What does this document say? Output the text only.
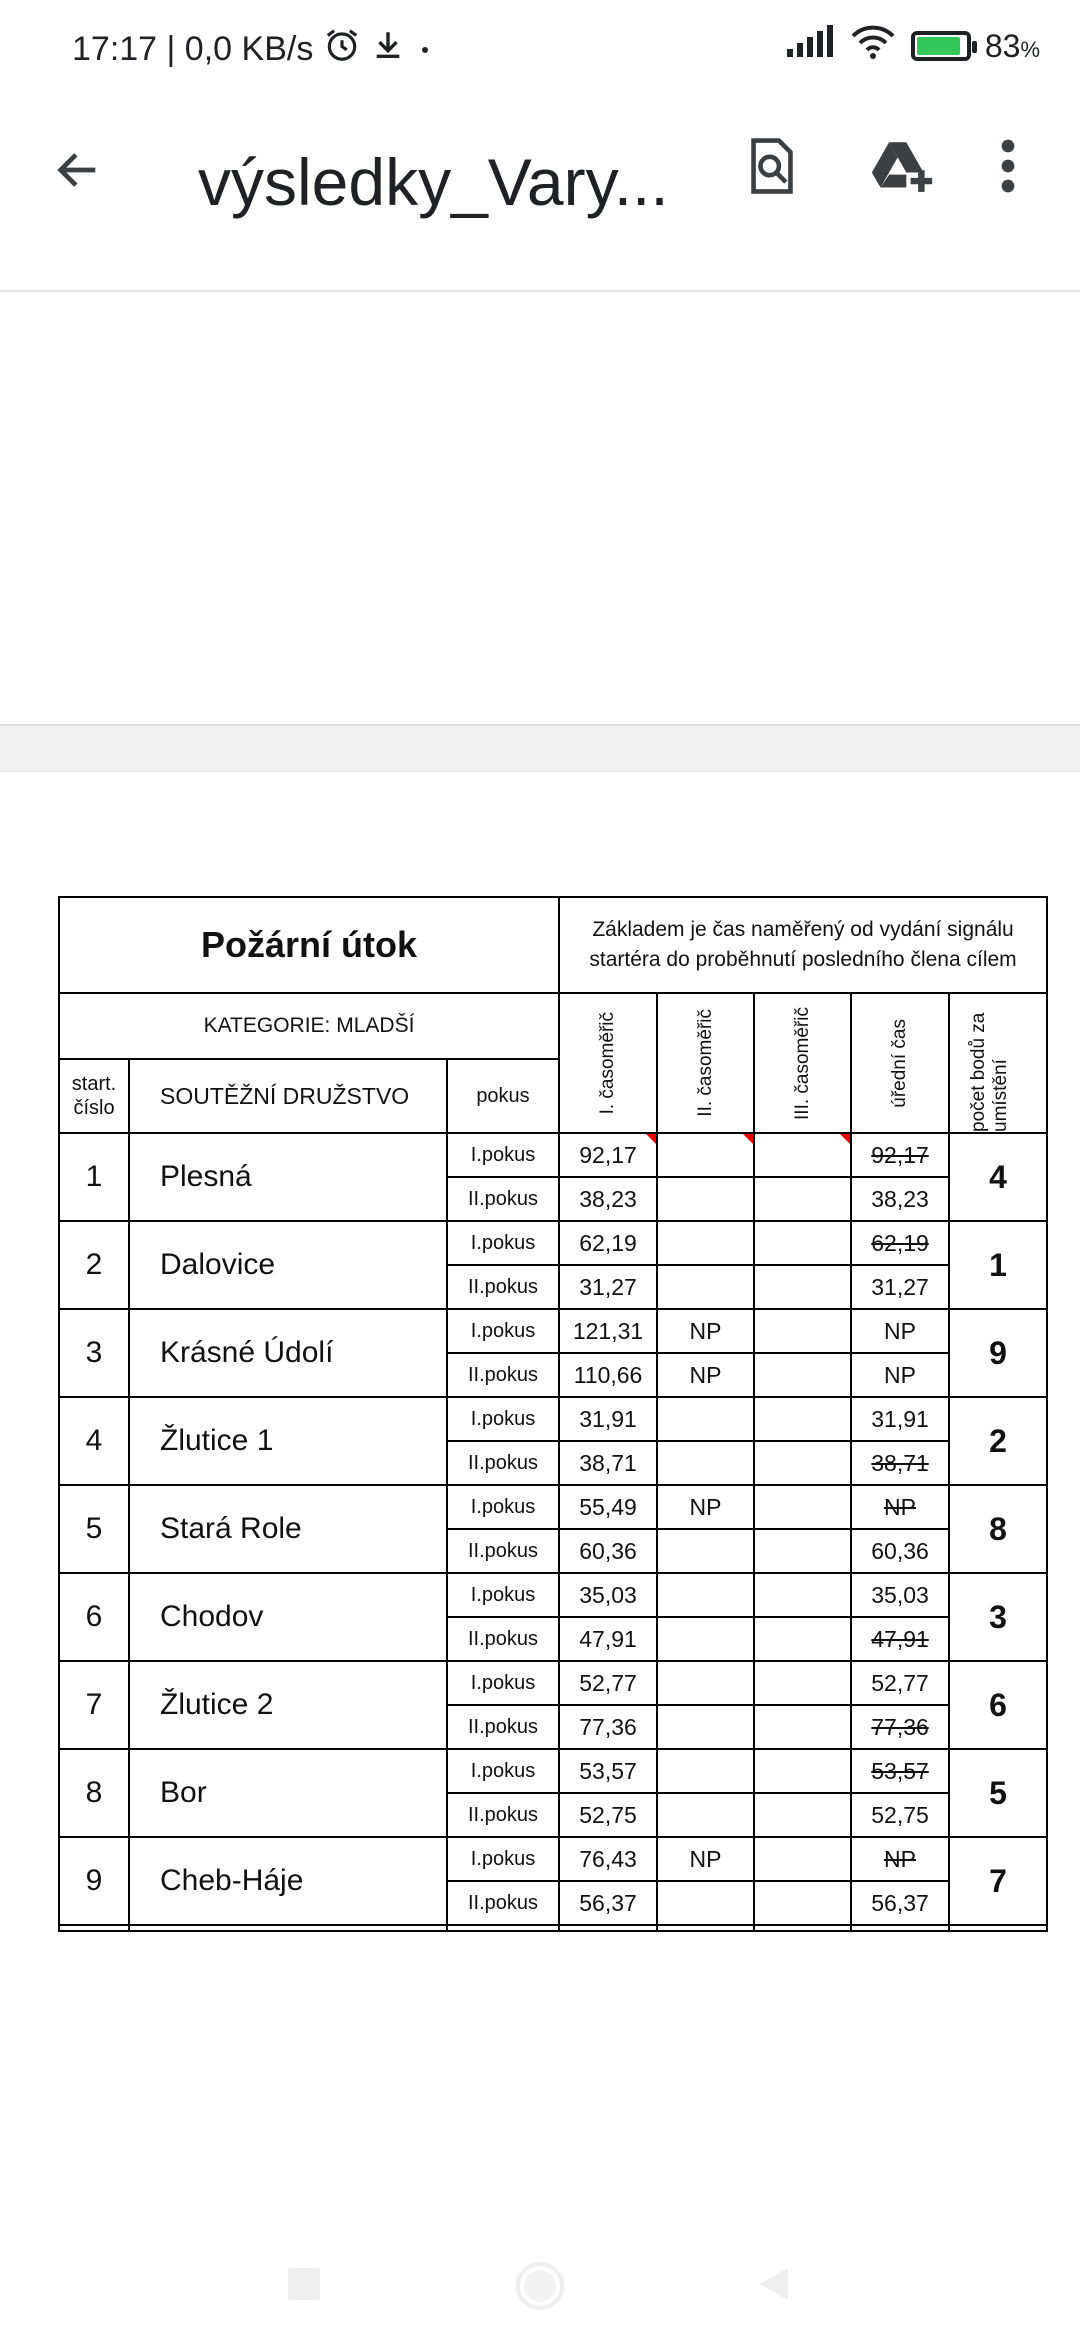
17:17 | 0,0 KB/s	83%
výsledky_Vary...
Požární útok			Základem je čas naměřený od vydání signálu startéra do proběhnutí posledního člena cílem				
KATEGORIE: MLADŠÍ			I. časoměřič	II. časoměřič	III. časoměřič	úřední čas	počet bodů za umístění

start. číslo	SOUTĚŽNÍ DRUŽSTVO	pokus					
1	Plesná	I.pokus	92,17			92,17	4
		II.pokus	38,23			38,23	
2	Dalovice	I.pokus	62,19			62,19	1
		II.pokus	31,27			31,27	
3	Krásné Údolí	I.pokus	121,31	NP		NP	9
		II.pokus	110,66	NP		NP	
4	Žlutice 1	I.pokus	31,91			31,91	2
		II.pokus	38,71			38,71	
5	Stará Role	I.pokus	55,49	NP		NP	8
		II.pokus	60,36			60,36	
6	Chodov	I.pokus	35,03			35,03	3
		II.pokus	47,91			47,91	
7	Žlutice 2	I.pokus	52,77			52,77	6
		II.pokus	77,36			77,36	
8	Bor	I.pokus	53,57			53,57	5
		II.pokus	52,75			52,75	
9	Cheb-Háje	I.pokus	76,43	NP		NP	7
		II.pokus	56,37			56,37	
